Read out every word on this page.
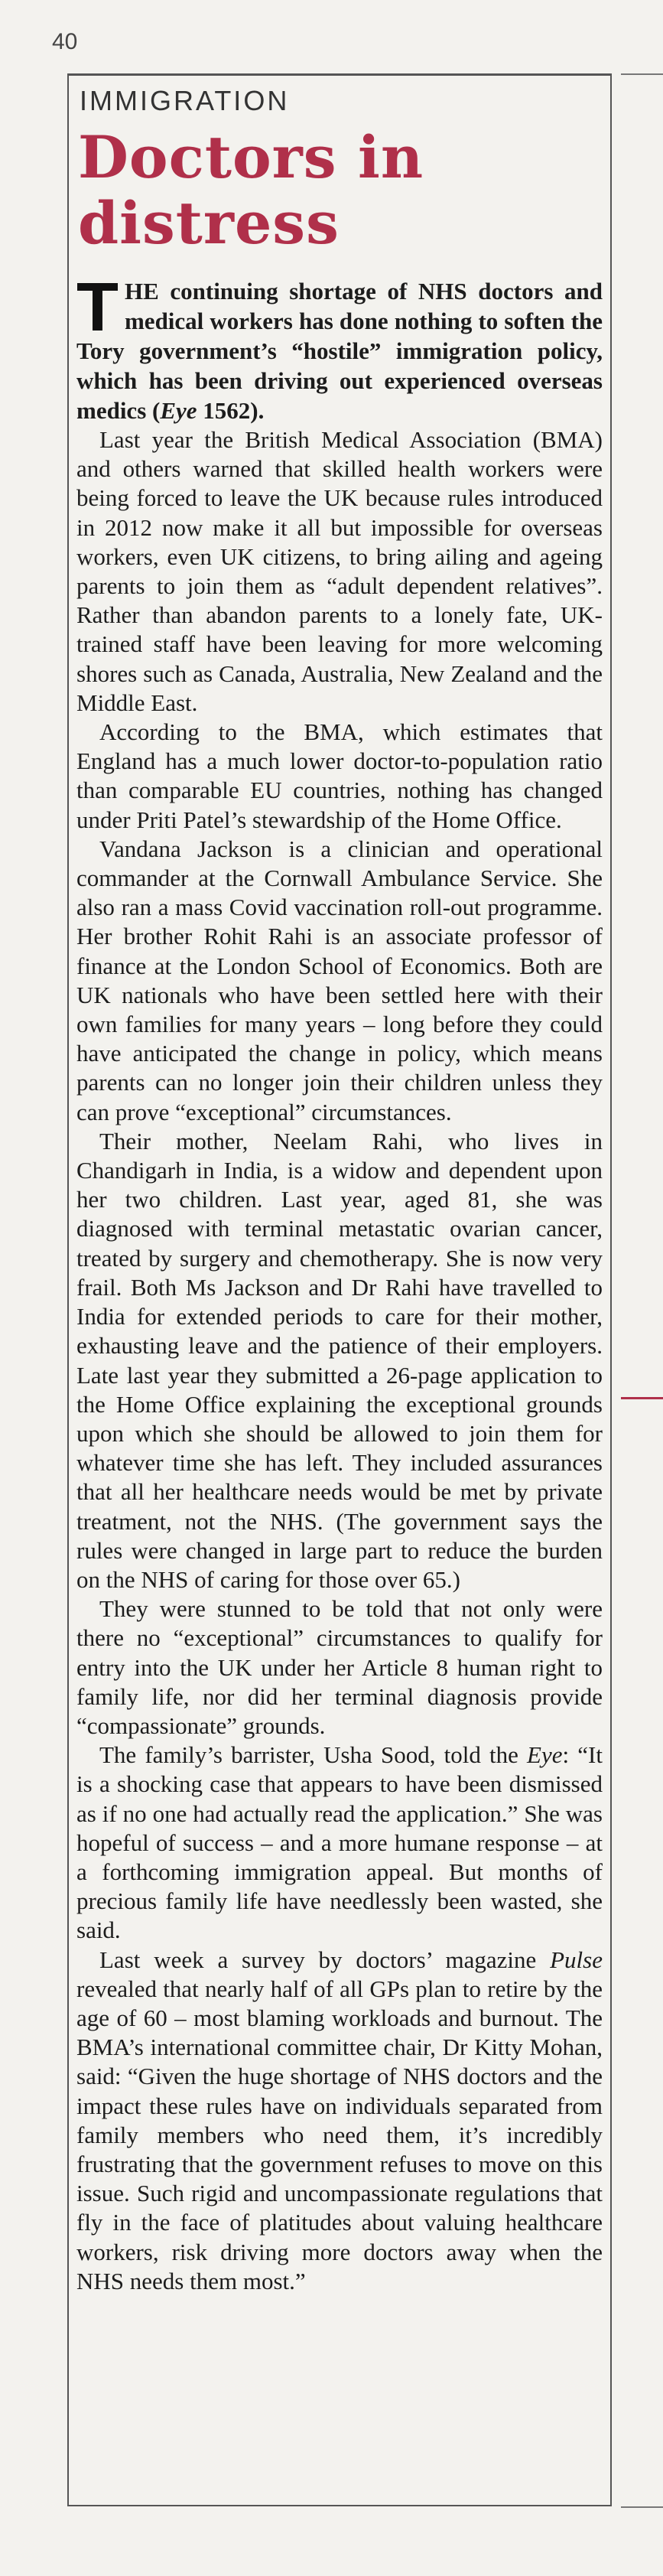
40
IMMIGRATION
Doctors in
distress

THE continuing shortage of NHS doctors and medical workers has done nothing to soften the Tory government’s “hostile” immigration policy, which has been driving out experienced overseas medics (Eye 1562).

Last year the British Medical Association (BMA) and others warned that skilled health workers were being forced to leave the UK because rules introduced in 2012 now make it all but impossible for overseas workers, even UK citizens, to bring ailing and ageing parents to join them as “adult dependent relatives”. Rather than abandon parents to a lonely fate, UK-trained staff have been leaving for more welcoming shores such as Canada, Australia, New Zealand and the Middle East.

According to the BMA, which estimates that England has a much lower doctor-to-population ratio than comparable EU countries, nothing has changed under Priti Patel’s stewardship of the Home Office.

Vandana Jackson is a clinician and operational commander at the Cornwall Ambulance Service. She also ran a mass Covid vaccination roll-out programme. Her brother Rohit Rahi is an associate professor of finance at the London School of Economics. Both are UK nationals who have been settled here with their own families for many years – long before they could have anticipated the change in policy, which means parents can no longer join their children unless they can prove “exceptional” circumstances.

Their mother, Neelam Rahi, who lives in Chandigarh in India, is a widow and dependent upon her two children. Last year, aged 81, she was diagnosed with terminal metastatic ovarian cancer, treated by surgery and chemotherapy. She is now very frail. Both Ms Jackson and Dr Rahi have travelled to India for extended periods to care for their mother, exhausting leave and the patience of their employers. Late last year they submitted a 26-page application to the Home Office explaining the exceptional grounds upon which she should be allowed to join them for whatever time she has left. They included assurances that all her healthcare needs would be met by private treatment, not the NHS. (The government says the rules were changed in large part to reduce the burden on the NHS of caring for those over 65.)

They were stunned to be told that not only were there no “exceptional” circumstances to qualify for entry into the UK under her Article 8 human right to family life, nor did her terminal diagnosis provide “compassionate” grounds.

The family’s barrister, Usha Sood, told the Eye: “It is a shocking case that appears to have been dismissed as if no one had actually read the application.” She was hopeful of success – and a more humane response – at a forthcoming immigration appeal. But months of precious family life have needlessly been wasted, she said.

Last week a survey by doctors’ magazine Pulse revealed that nearly half of all GPs plan to retire by the age of 60 – most blaming workloads and burnout. The BMA’s international committee chair, Dr Kitty Mohan, said: “Given the huge shortage of NHS doctors and the impact these rules have on individuals separated from family members who need them, it’s incredibly frustrating that the government refuses to move on this issue. Such rigid and uncompassionate regulations that fly in the face of platitudes about valuing healthcare workers, risk driving more doctors away when the NHS needs them most.”
